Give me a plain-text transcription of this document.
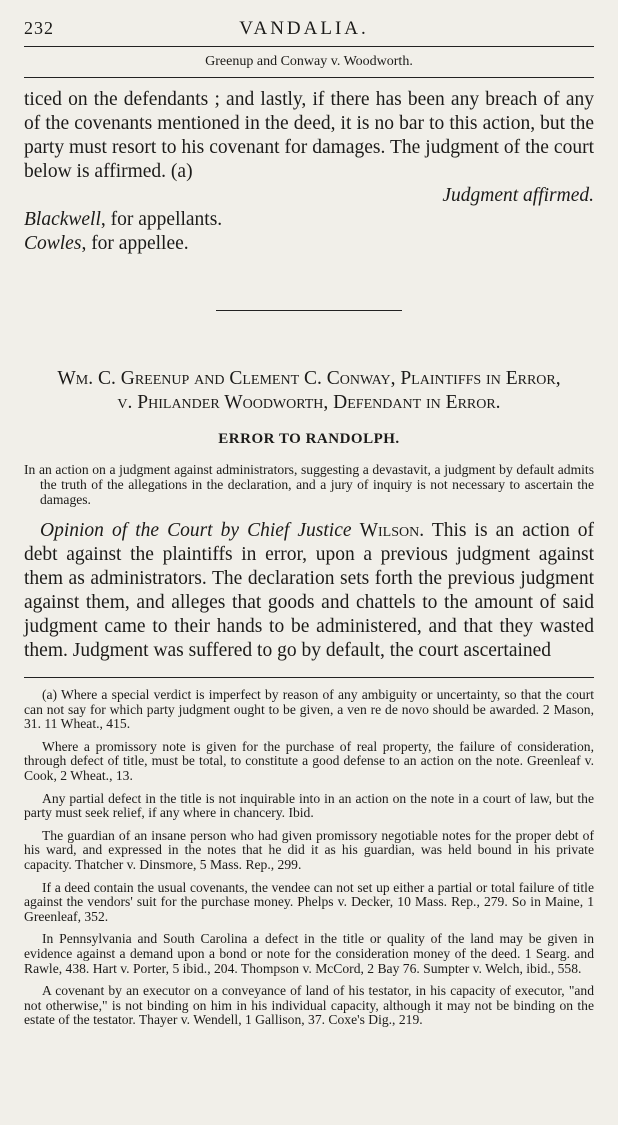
232	VANDALIA.
Greenup and Conway v. Woodworth.

ticed on the defendants ; and lastly, if there has been any breach of any of the covenants mentioned in the deed, it is no bar to this action, but the party must resort to his covenant for damages. The judgment of the court below is affirmed. (a)

Judgment affirmed.

Blackwell, for appellants.

Cowles, for appellee.

Wm. C. Greenup and Clement C. Conway, Plaintiffs in Error,
v. Philander Woodworth, Defendant in Error.
ERROR TO RANDOLPH.
In an action on a judgment against administrators, suggesting a devastavit, a judgment by default admits the truth of the allegations in the declaration, and a jury of inquiry is not necessary to ascertain the damages.
Opinion of the Court by Chief Justice Wilson. This is an action of debt against the plaintiffs in error, upon a previous judgment against them as administrators. The declaration sets forth the previous judgment against them, and alleges that goods and chattels to the amount of said judgment came to their hands to be administered, and that they wasted them. Judgment was suffered to go by default, the court ascertained

(a) Where a special verdict is imperfect by reason of any ambiguity or uncertainty, so that the court can not say for which party judgment ought to be given, a ven re de novo should be awarded. 2 Mason, 31. 11 Wheat., 415.

Where a promissory note is given for the purchase of real property, the failure of consideration, through defect of title, must be total, to constitute a good defense to an action on the note. Greenleaf v. Cook, 2 Wheat., 13.

Any partial defect in the title is not inquirable into in an action on the note in a court of law, but the party must seek relief, if any where in chancery. Ibid.

The guardian of an insane person who had given promissory negotiable notes for the proper debt of his ward, and expressed in the notes that he did it as his guardian, was held bound in his private capacity. Thatcher v. Dinsmore, 5 Mass. Rep., 299.

If a deed contain the usual covenants, the vendee can not set up either a partial or total failure of title against the vendors' suit for the purchase money. Phelps v. Decker, 10 Mass. Rep., 279. So in Maine, 1 Greenleaf, 352.

In Pennsylvania and South Carolina a defect in the title or quality of the land may be given in evidence against a demand upon a bond or note for the consideration money of the deed. 1 Searg. and Rawle, 438. Hart v. Porter, 5 ibid., 204. Thompson v. McCord, 2 Bay 76. Sumpter v. Welch, ibid., 558.

A covenant by an executor on a conveyance of land of his testator, in his capacity of executor, "and not otherwise," is not binding on him in his individual capacity, although it may not be binding on the estate of the testator. Thayer v. Wendell, 1 Gallison, 37. Coxe's Dig., 219.
